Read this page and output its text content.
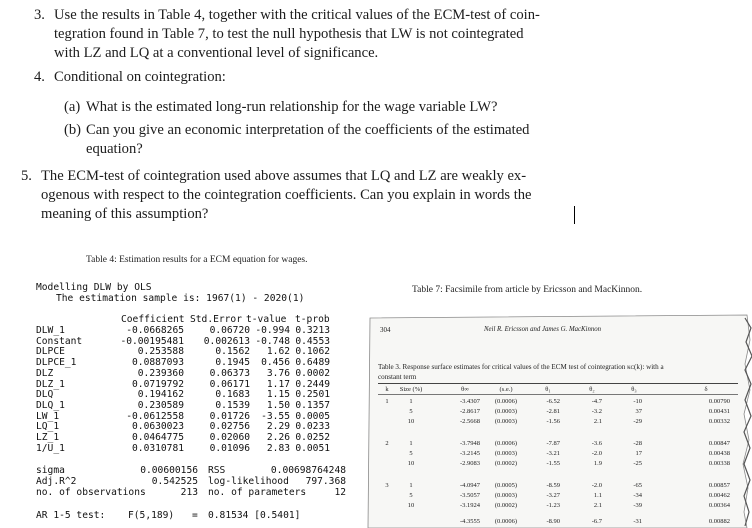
3. Use the results in Table 4, together with the critical values of the ECM-test of coin-
tegration found in Table 7, to test the null hypothesis that LW is not cointegrated
with LZ and LQ at a conventional level of significance.
4. Conditional on cointegration:
(a) What is the estimated long-run relationship for the wage variable LW?
(b) Can you give an economic interpretation of the coefficients of the estimated
equation?
5. The ECM-test of cointegration used above assumes that LQ and LZ are weakly ex-
ogenous with respect to the cointegration coefficients. Can you explain in words the
meaning of this assumption?
Table 4: Estimation results for a ECM equation for wages.
Modelling DLW by OLS
The estimation sample is: 1967(1) - 2020(1)
Coefficient Std.Error t-value t-prob
DLW_1	-0.0668265	0.06720 -0.994 0.3213
Constant	-0.00195481	0.002613 -0.748 0.4553
DLPCE	0.253588	0.1562	1.62 0.1062
DLPCE_1	0.0887093	0.1945	0.456 0.6489
DLZ	0.239360	0.06373	3.76 0.0002
DLZ_1	0.0719792	0.06171	1.17 0.2449
DLQ	0.194162	0.1683	1.15 0.2501
DLQ_1	0.230589	0.1539	1.50 0.1357
LW_1	-0.0612558	0.01726	-3.55 0.0005
LQ_1	0.0630023	0.02756	2.29 0.0233
LZ_1	0.0464775	0.02060	2.26 0.0252
1/U_1	0.0310781	0.01096	2.83 0.0051
sigma	0.00600156 RSS	0.00698764248
Adj.R^2	0.542525 log-likelihood	797.368
no. of observations	213 no. of parameters	12
AR 1-5 test: F(5,189) = 0.81534 [0.5401]
Table 7: Facsimile from article by Ericsson and MacKinnon.
304	Neil R. Ericsson and James G. MacKinnon
Table 3. Response surface estimates for critical values of the ECM test of cointegration κᴄ(k): with a
constant term
k	Size (%)	θ∞	(s.e.)	θ₁	θ₂	θ₃	δ
1	1	-3.4307	(0.0006)	-6.52	-4.7	-10	0.00790
5	-2.8617	(0.0003)	-2.81	-3.2	37	0.00431
10	-2.5668	(0.0003)	-1.56	2.1	-29	0.00332
2	1	-3.7948	(0.0006)	-7.87	-3.6	-28	0.00847
5	-3.2145	(0.0003)	-3.21	-2.0	17	0.00438
10	-2.9083	(0.0002)	-1.55	1.9	-25	0.00338
3	1	-4.0947	(0.0005)	-8.59	-2.0	-65	0.00857
5	-3.5057	(0.0003)	-3.27	1.1	-34	0.00462
10	-3.1924	(0.0002)	-1.23	2.1	-39	0.00364
-4.3555	(0.0006)	-8.90	-6.7	-31	0.00882
